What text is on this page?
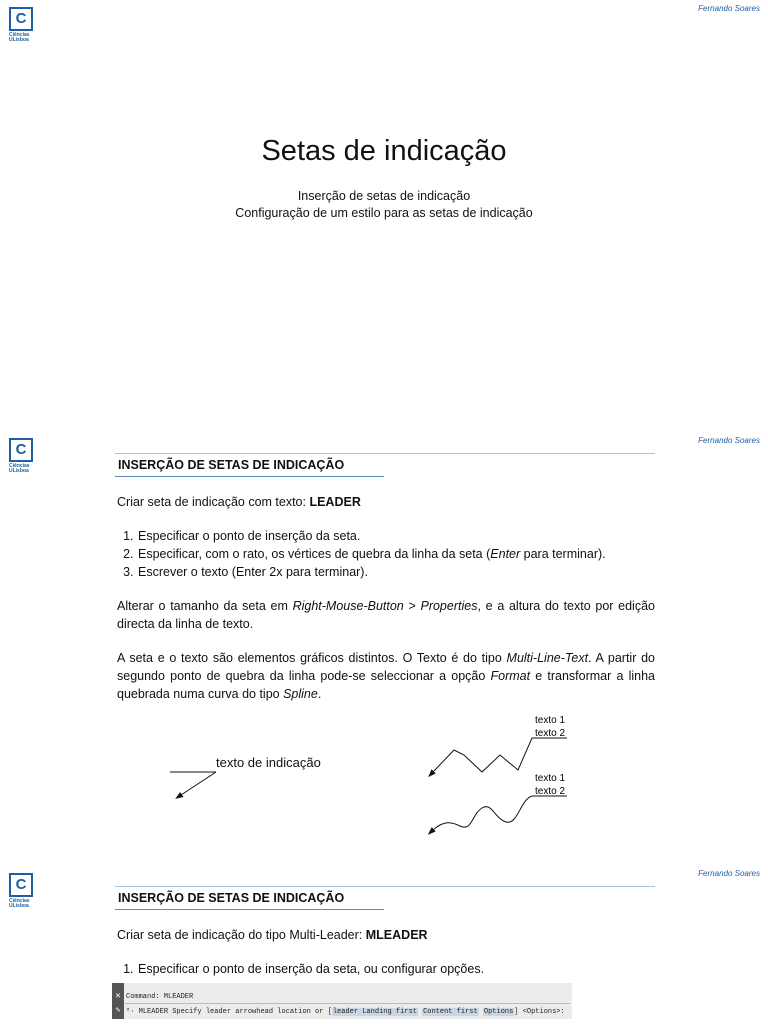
C
Ciências
ULisboa
Fernando Soares
Setas de indicação
Inserção de setas de indicação
Configuração de um estilo para as setas de indicação
C
Ciências
ULisboa
Fernando Soares
INSERÇÃO DE SETAS DE INDICAÇÃO
Criar seta de indicação com texto: LEADER
1. Especificar o ponto de inserção da seta.
2. Especificar, com o rato, os vértices de quebra da linha da seta (Enter para terminar).
3. Escrever o texto (Enter 2x para terminar).
Alterar o tamanho da seta em Right-Mouse-Button > Properties, e a altura do texto por edição directa da linha de texto.
A seta e o texto são elementos gráficos distintos. O Texto é do tipo Multi-Line-Text. A partir do segundo ponto de quebra da linha pode-se seleccionar a opção Format e transformar a linha quebrada numa curva do tipo Spline.
texto de indicação
texto 1
texto 2
texto 1
texto 2
C
Ciências
ULisboa
Fernando Soares
INSERÇÃO DE SETAS DE INDICAÇÃO
Criar seta de indicação do tipo Multi-Leader: MLEADER
1. Especificar o ponto de inserção da seta, ou configurar opções.
✕
✎
Command: MLEADER
⁰· MLEADER Specify leader arrowhead location or [leader Landing first Content first Options] <Options>:
